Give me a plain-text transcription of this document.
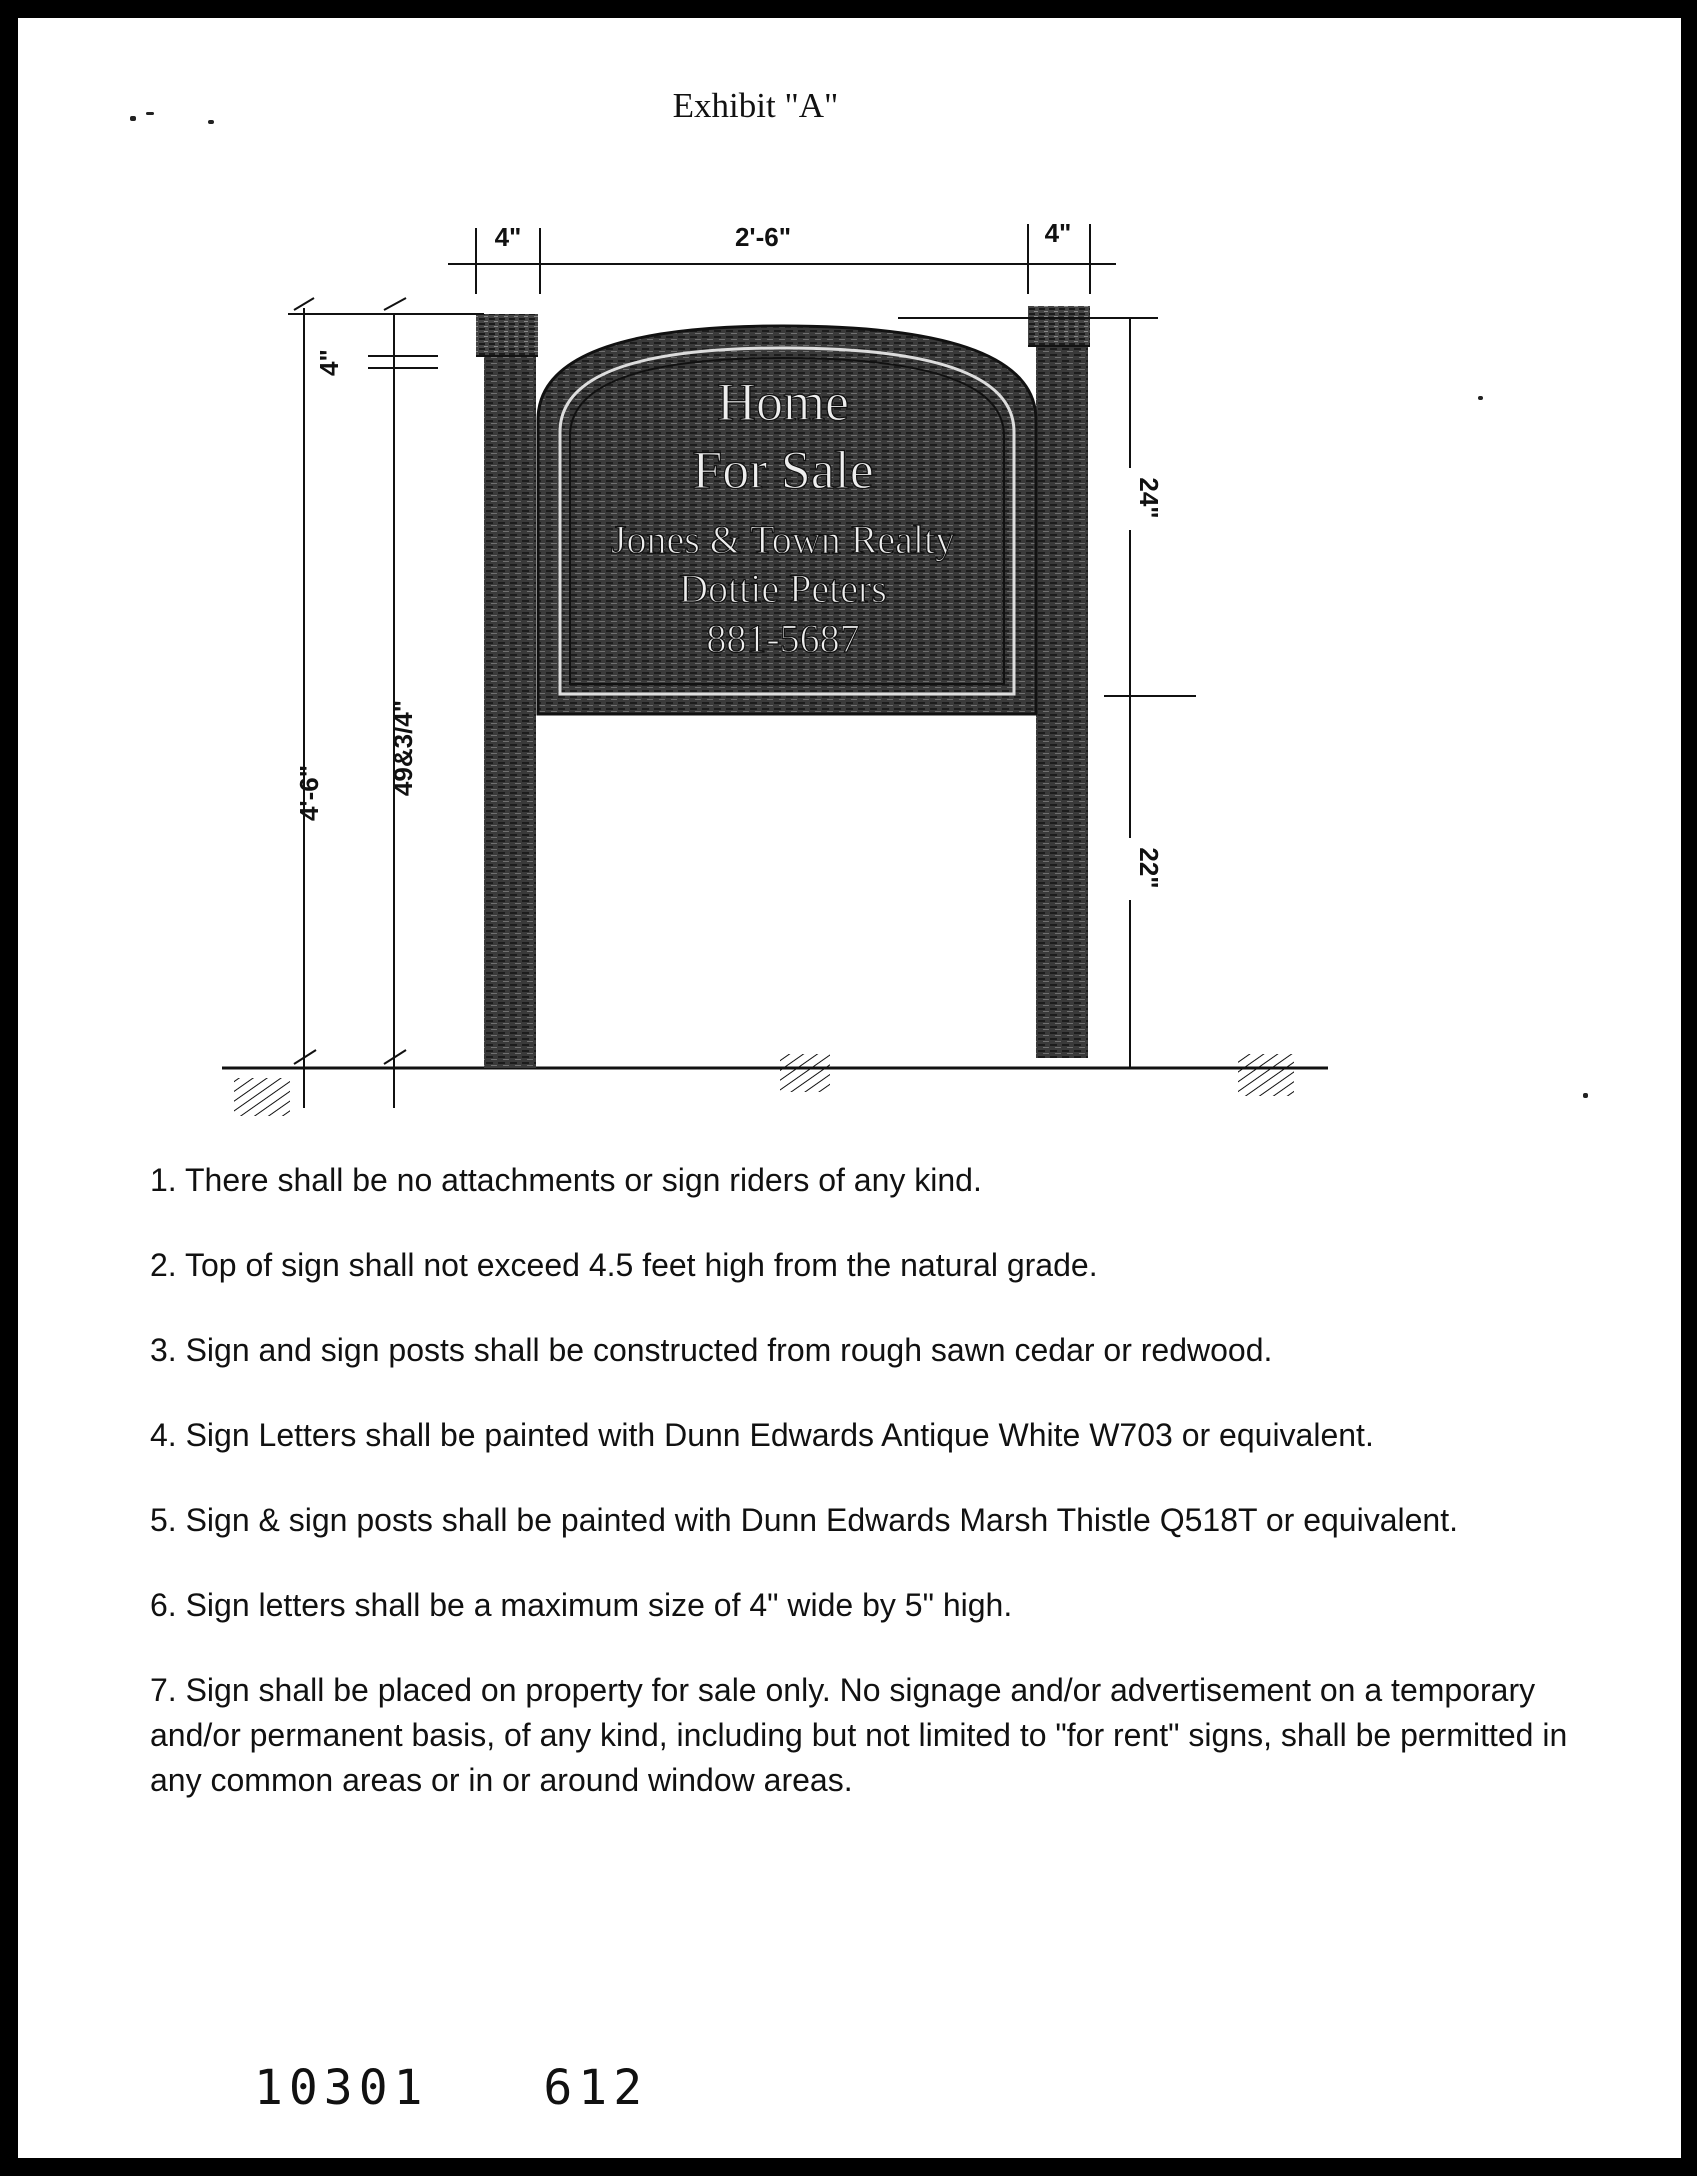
Exhibit "A"
Home
For Sale
Jones & Town Realty
Dottie Peters
881-5687
4"	2'-6"	4"
4"
4'-6" 49&3/4"
24"
22"
1. There shall be no attachments or sign riders of any kind.
2. Top of sign shall not exceed 4.5 feet high from the natural grade.
3. Sign and sign posts shall be constructed from rough sawn cedar or redwood.
4. Sign Letters shall be painted with Dunn Edwards Antique White W703 or equivalent.
5. Sign & sign posts shall be painted with Dunn Edwards Marsh Thistle Q518T or equivalent.
6. Sign letters shall be a maximum size of 4" wide by 5" high.
7. Sign shall be placed on property for sale only. No signage and/or advertisement on a temporary and/or permanent basis, of any kind, including but not limited to "for rent" signs, shall be permitted in any common areas or in or around window areas.
10301 612
